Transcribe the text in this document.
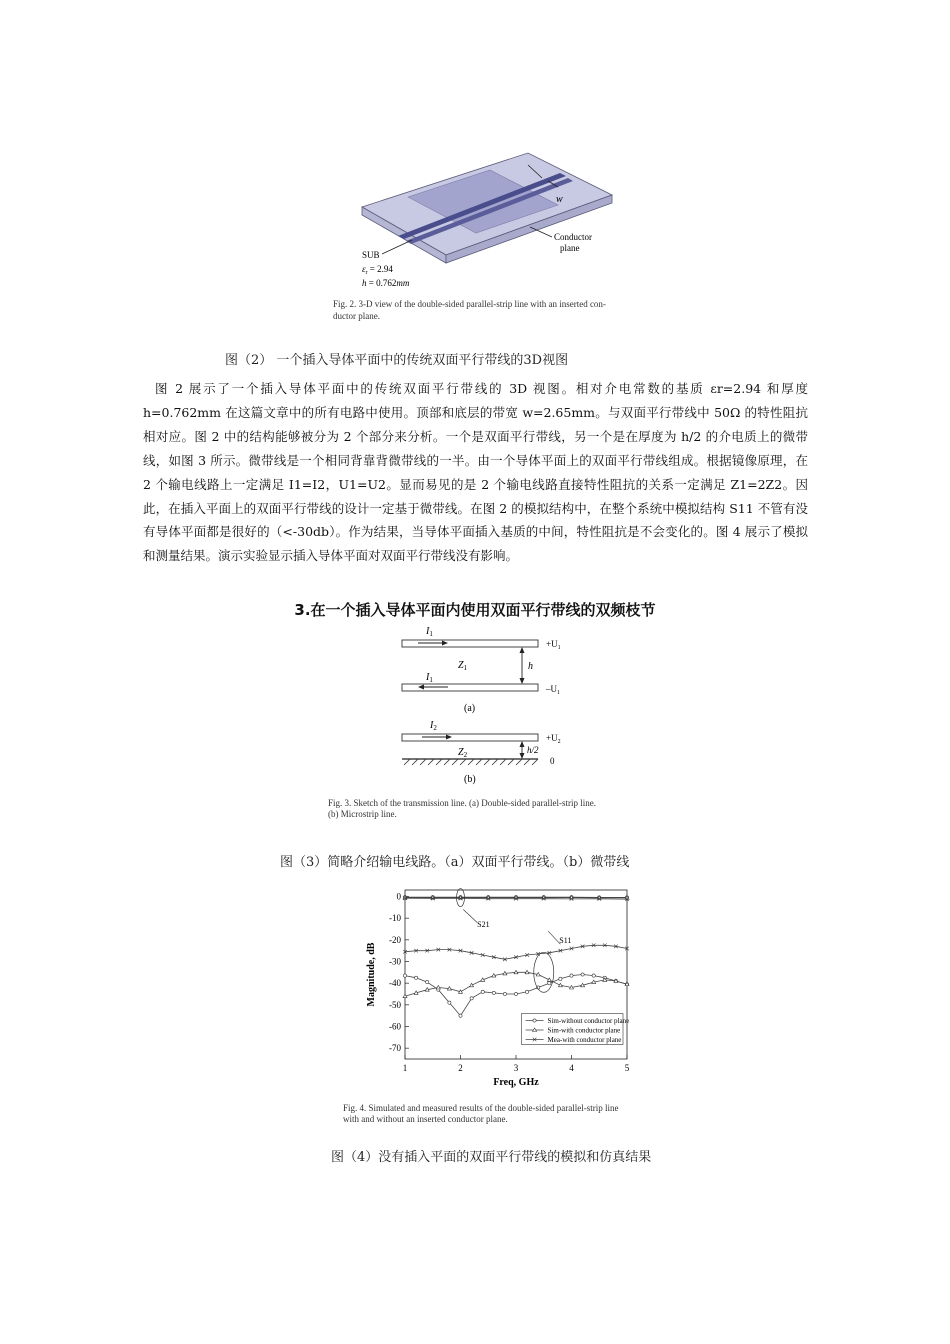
w
Conductor
plane
SUB
$\varepsilon_r = 2.94$
h = 0.762mm
Fig. 2. 3-D view of the double-sided parallel-strip line with an inserted con-
ductor plane.
图（2） 一个插入导体平面中的传统双面平行带线的3D视图

图 2 展示了一个插入导体平面中的传统双面平行带线的 3D 视图。相对介电常数的基质 εr=2.94 和厚度 h=0.762mm 在这篇文章中的所有电路中使用。顶部和底层的带宽 w=2.65mm。与双面平行带线中 50Ω 的特性阻抗相对应。图 2 中的结构能够被分为 2 个部分来分析。一个是双面平行带线，另一个是在厚度为 h/2 的介电质上的微带线，如图 3 所示。微带线是一个相同背靠背微带线的一半。由一个导体平面上的双面平行带线组成。根据镜像原理，在 2 个输电线路上一定满足 I1=I2，U1=U2。显而易见的是 2 个输电线路直接特性阻抗的关系一定满足 Z1=2Z2。因此，在插入平面上的双面平行带线的设计一定基于微带线。在图 2 的模拟结构中，在整个系统中模拟结构 S11 不管有没有导体平面都是很好的（<-30db）。作为结果，当导体平面插入基质的中间，特性阻抗是不会变化的。图 4 展示了模拟和测量结果。演示实验显示插入导体平面对双面平行带线没有影响。

3.在一个插入导体平面内使用双面平行带线的双频枝节
$I_1$
$Z_1$
$I_1$
h
$+U_1$
$-U_1$
(a)
$I_2$
$Z_2$	h/2
$+U_2$
0
(b)
Fig. 3. Sketch of the transmission line. (a) Double-sided parallel-strip line.
(b) Microstrip line.
图（3）简略介绍输电线路。（a）双面平行带线。（b）微带线
0
-10
-20
-30
-40
-50
-60
-70
1	2	3	4	5
Freq, GHz
Magnitude, dB
S21
S11
Sim-without conductor plane
Sim-with conductor plane
Mea-with conductor plane
Fig. 4. Simulated and measured results of the double-sided parallel-strip line
with and without an inserted conductor plane.
图（4）没有插入平面的双面平行带线的模拟和仿真结果
